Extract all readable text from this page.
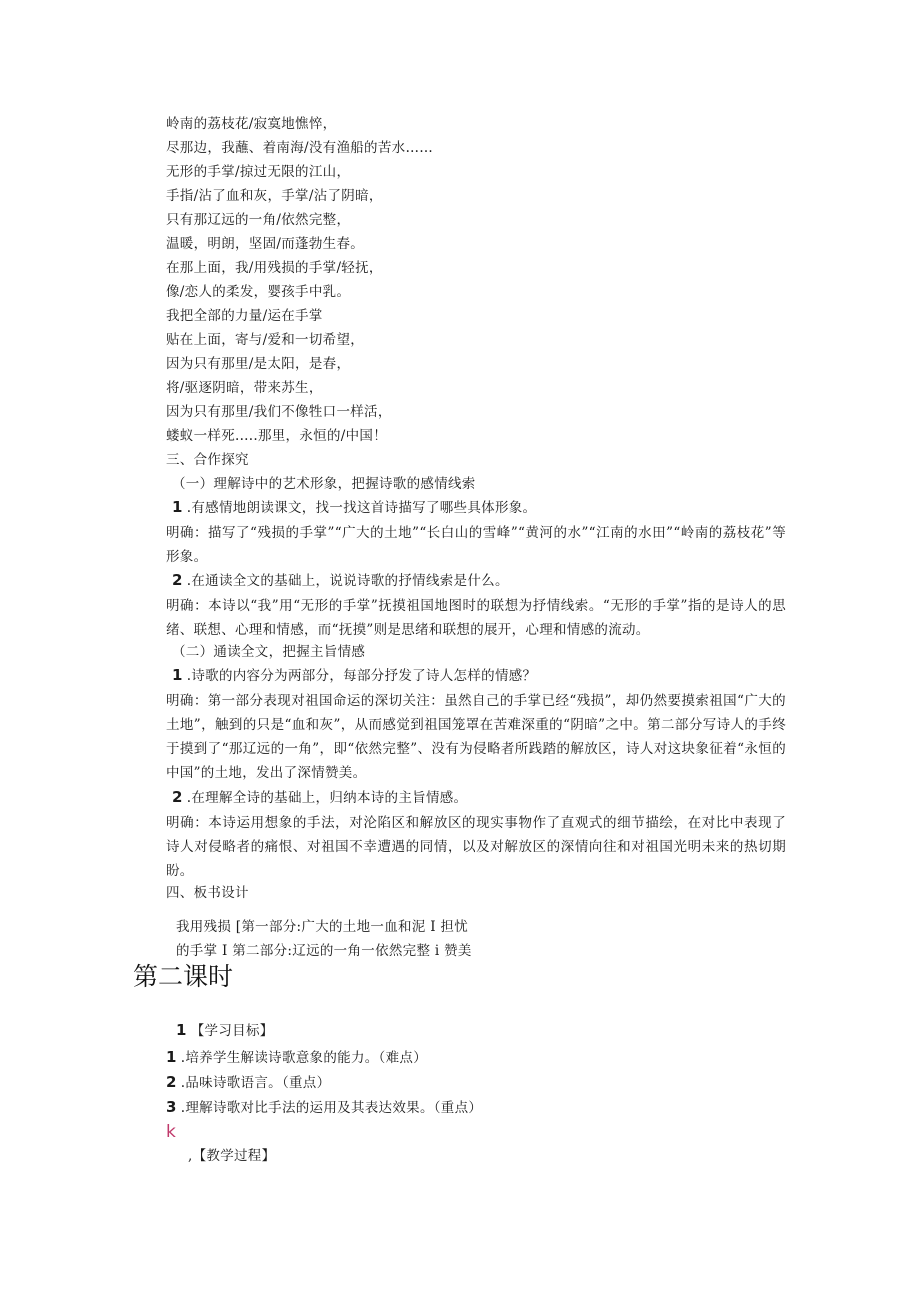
岭南的荔枝花/寂寞地憔悴，
尽那边，我蘸、着南海/没有渔船的苦水……
无形的手掌/掠过无限的江山，
手指/沾了血和灰，手掌/沾了阴暗，
只有那辽远的一角/依然完整，
温暖，明朗，坚固/而蓬勃生春。
在那上面，我/用残损的手掌/轻抚，
像/恋人的柔发，婴孩手中乳。
我把全部的力量/运在手掌
贴在上面，寄与/爱和一切希望，
因为只有那里/是太阳，是春，
将/驱逐阴暗，带来苏生，
因为只有那里/我们不像牲口一样活，
蝼蚁一样死.....那里，永恒的/中国！
三、合作探究
（一）理解诗中的艺术形象，把握诗歌的感情线索
1 .有感情地朗读课文，找一找这首诗描写了哪些具体形象。
明确：描写了“残损的手掌”“广大的土地”“长白山的雪峰”“黄河的水”“江南的水田”“岭南的荔枝花”等形象。
2 .在通读全文的基础上，说说诗歌的抒情线索是什么。
明确：本诗以“我”用“无形的手掌”抚摸祖国地图时的联想为抒情线索。“无形的手掌”指的是诗人的思绪、联想、心理和情感，而“抚摸”则是思绪和联想的展开，心理和情感的流动。
（二）通读全文，把握主旨情感
1 .诗歌的内容分为两部分，每部分抒发了诗人怎样的情感？
明确：第一部分表现对祖国命运的深切关注：虽然自己的手掌已经“残损”，却仍然要摸索祖国“广大的土地”，触到的只是“血和灰”，从而感觉到祖国笼罩在苦难深重的“阴暗”之中。第二部分写诗人的手终于摸到了“那辽远的一角”，即“依然完整”、没有为侵略者所践踏的解放区，诗人对这块象征着“永恒的中国”的土地，发出了深情赞美。
2 .在理解全诗的基础上，归纳本诗的主旨情感。
明确：本诗运用想象的手法，对沦陷区和解放区的现实事物作了直观式的细节描绘，在对比中表现了诗人对侵略者的痛恨、对祖国不幸遭遇的同情，以及对解放区的深情向往和对祖国光明未来的热切期盼。
四、板书设计
我用残损 [第一部分:广大的土地一血和泥 I 担忧
的手掌 I 第二部分:辽远的一角一依然完整 i 赞美
第二课时
1 【学习目标】
1 .培养学生解读诗歌意象的能力。（难点）
2 .品味诗歌语言。（重点）
3 .理解诗歌对比手法的运用及其表达效果。（重点）
k
,【教学过程】
